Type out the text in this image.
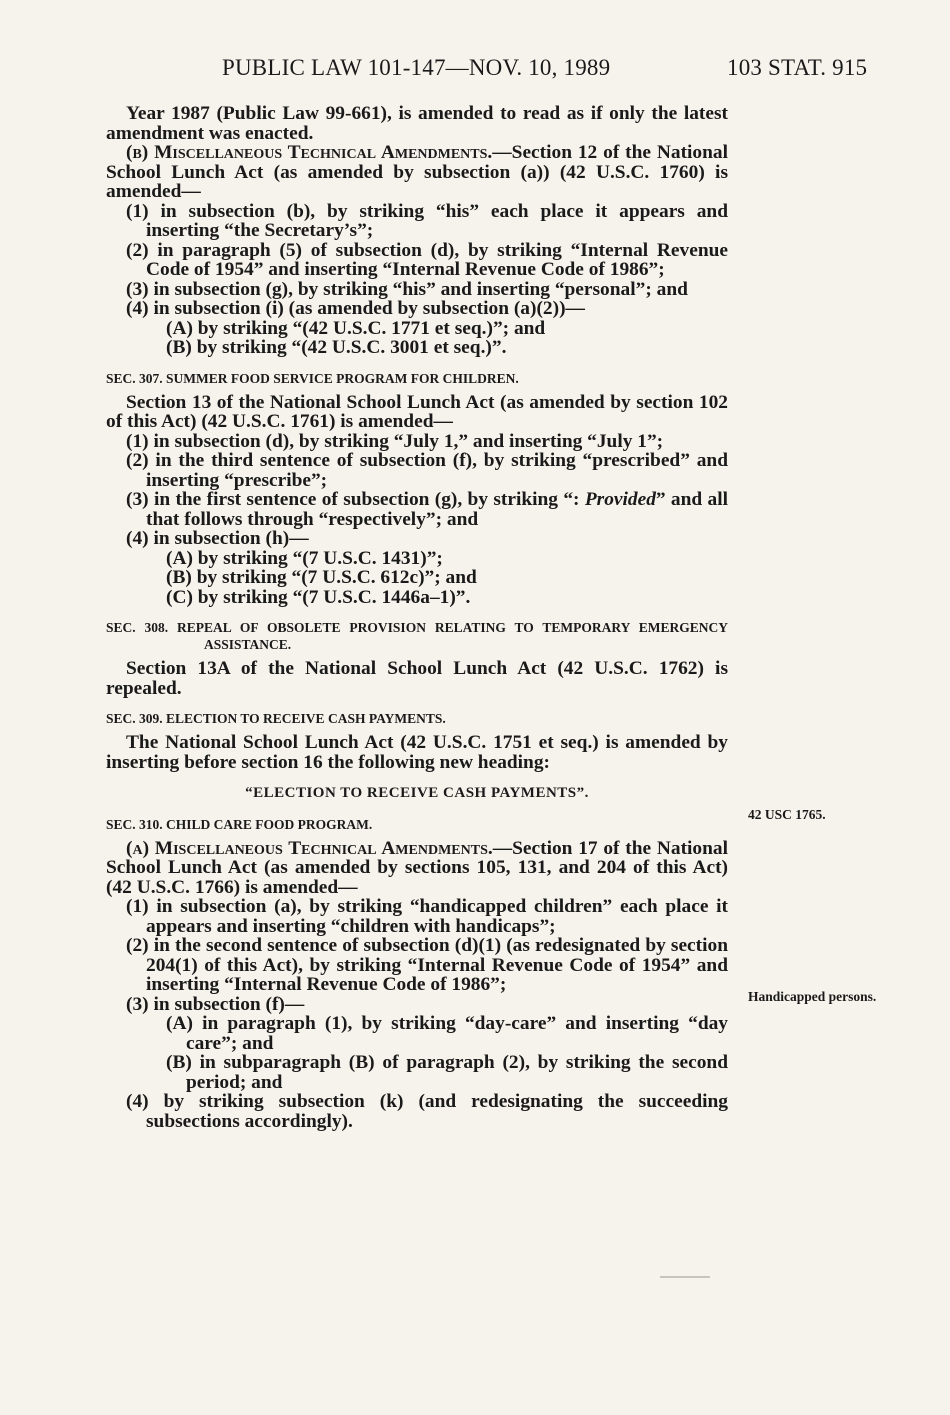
PUBLIC LAW 101-147—NOV. 10, 1989	103 STAT. 915

Year 1987 (Public Law 99-661), is amended to read as if only the latest amendment was enacted.

(b) Miscellaneous Technical Amendments.—Section 12 of the National School Lunch Act (as amended by subsection (a)) (42 U.S.C. 1760) is amended—

(1) in subsection (b), by striking “his” each place it appears and inserting “the Secretary’s”;

(2) in paragraph (5) of subsection (d), by striking “Internal Revenue Code of 1954” and inserting “Internal Revenue Code of 1986”;

(3) in subsection (g), by striking “his” and inserting “personal”; and

(4) in subsection (i) (as amended by subsection (a)(2))—

(A) by striking “(42 U.S.C. 1771 et seq.)”; and

(B) by striking “(42 U.S.C. 3001 et seq.)”.

SEC. 307. SUMMER FOOD SERVICE PROGRAM FOR CHILDREN.

Section 13 of the National School Lunch Act (as amended by section 102 of this Act) (42 U.S.C. 1761) is amended—

(1) in subsection (d), by striking “July 1,” and inserting “July 1”;

(2) in the third sentence of subsection (f), by striking “prescribed” and inserting “prescribe”;

(3) in the first sentence of subsection (g), by striking “: Provided” and all that follows through “respectively”; and

(4) in subsection (h)—

(A) by striking “(7 U.S.C. 1431)”;

(B) by striking “(7 U.S.C. 612c)”; and

(C) by striking “(7 U.S.C. 1446a–1)”.

SEC. 308. REPEAL OF OBSOLETE PROVISION RELATING TO TEMPORARY EMERGENCY ASSISTANCE.

Section 13A of the National School Lunch Act (42 U.S.C. 1762) is repealed.

SEC. 309. ELECTION TO RECEIVE CASH PAYMENTS.

The National School Lunch Act (42 U.S.C. 1751 et seq.) is amended by inserting before section 16 the following new heading:

“ELECTION TO RECEIVE CASH PAYMENTS”.
SEC. 310. CHILD CARE FOOD PROGRAM.

(a) Miscellaneous Technical Amendments.—Section 17 of the National School Lunch Act (as amended by sections 105, 131, and 204 of this Act) (42 U.S.C. 1766) is amended—

(1) in subsection (a), by striking “handicapped children” each place it appears and inserting “children with handicaps”;

(2) in the second sentence of subsection (d)(1) (as redesignated by section 204(1) of this Act), by striking “Internal Revenue Code of 1954” and inserting “Internal Revenue Code of 1986”;

(3) in subsection (f)—

(A) in paragraph (1), by striking “day-care” and inserting “day care”; and

(B) in subparagraph (B) of paragraph (2), by striking the second period; and

(4) by striking subsection (k) (and redesignating the succeeding subsections accordingly).

42 USC 1765.
Handicapped persons.
